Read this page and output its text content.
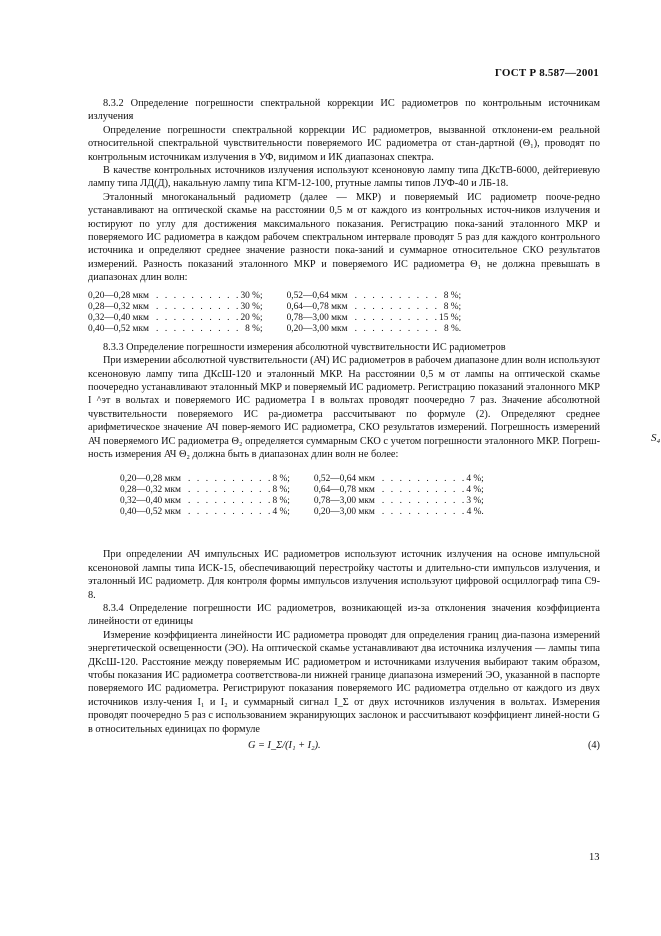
ГОСТ Р 8.587—2001

8.3.2 Определение погрешности спектральной коррекции ИС радиометров по контрольным источникам излучения

Определение погрешности спектральной коррекции ИС радиометров, вызванной отклонени-ем реальной относительной спектральной чувствительности поверяемого ИС радиометра от стан-дартной (Θ₁), проводят по контрольным источникам излучения в УФ, видимом и ИК диапазонах спектра.

В качестве контрольных источников излучения используют ксеноновую лампу типа ДКсТВ-6000, дейтериевую лампу типа ЛД(Д), накальную лампу типа КГМ-12-100, ртутные лампы типов ЛУФ-40 и ЛБ-18.

Эталонный многоканальный радиометр (далее — МКР) и поверяемый ИС радиометр пооче-редно устанавливают на оптической скамье на расстоянии 0,5 м от каждого из контрольных источ-ников излучения и юстируют по углу для достижения максимального показания. Регистрацию пока-заний эталонного МКР и поверяемого ИС радиометра в каждом рабочем спектральном интервале проводят 5 раз для каждого контрольного источника и определяют среднее значение разности пока-заний и суммарное относительное СКО результатов измерений. Разность показаний эталонного МКР и поверяемого ИС радиометра Θ₁ не должна превышать в диапазонах длин волн:

0,20—0,28 мкм	. . . . . . . . . .	30 %;		0,52—0,64 мкм	. . . . . . . . . .	8 %;
0,28—0,32 мкм	. . . . . . . . . .	30 %;		0,64—0,78 мкм	. . . . . . . . . .	8 %;
0,32—0,40 мкм	. . . . . . . . . .	20 %;		0,78—3,00 мкм	. . . . . . . . . .	15 %;
0,40—0,52 мкм	. . . . . . . . . .	8 %;		0,20—3,00 мкм	. . . . . . . . . .	8 %.

8.3.3 Определение погрешности измерения абсолютной чувствительности ИС радиометров

При измерении абсолютной чувствительности (АЧ) ИС радиометров в рабочем диапазоне длин волн используют ксеноновую лампу типа ДКсШ-120 и эталонный МКР. На расстоянии 0,5 м от лампы на оптической скамье поочередно устанавливают эталонный МКР и поверяемый ИС радиометр. Регистрацию показаний эталонного МКР I ^эт в вольтах и поверяемого ИС радиометра I в вольтах проводят поочередно 7 раз. Значение абсолютной чувствительности поверяемого ИС ра-диометра рассчитывают по формуле (2). Определяют среднее арифметическое значение АЧ повер-яемого ИС радиометра, СКО результатов измерений. Погрешность измерений АЧ поверяемого ИС радиометра Θ₂ определяется суммарным СКО с учетом погрешности эталонного МКР. Погреш-ность измерения АЧ Θ₂ должна быть в диапазонах длин волн не более:

0,20—0,28 мкм	. . . . . . . . . .	8 %;		0,52—0,64 мкм	. . . . . . . . . .	4 %;
0,28—0,32 мкм	. . . . . . . . . .	8 %;		0,64—0,78 мкм	. . . . . . . . . .	4 %;
0,32—0,40 мкм	. . . . . . . . . .	8 %;		0,78—3,00 мкм	. . . . . . . . . .	3 %;
0,40—0,52 мкм	. . . . . . . . . .	4 %;		0,20—3,00 мкм	. . . . . . . . . .	4 %.

При определении АЧ импульсных ИС радиометров используют источник излучения на основе импульсной ксеноновой лампы типа ИСК-15, обеспечивающий перестройку частоты и длительно-сти импульсов излучения, и эталонный ИС радиометр. Для контроля формы импульсов излучения используют цифровой осциллограф типа С9-8.

8.3.4 Определение погрешности ИС радиометров, возникающей из-за отклонения значения коэффициента линейности от единицы

Измерение коэффициента линейности ИС радиометра проводят для определения границ диа-пазона измерений энергетической освещенности (ЭО). На оптической скамье устанавливают два источника излучения — лампы типа ДКсШ-120. Расстояние между поверяемым ИС радиометром и источниками излучения выбирают таким образом, чтобы показания ИС радиометра соответствова-ли нижней границе диапазона измерений ЭО, указанной в паспорте поверяемого ИС радиометра. Регистрируют показания поверяемого ИС радиометра отдельно от каждого из двух источников излу-чения I₁ и I₂ и суммарный сигнал I_Σ от двух источников излучения в вольтах. Измерения проводят поочередно 5 раз с использованием экранирующих заслонок и рассчитывают коэффициент линей-ности G в относительных единицах по формуле

G = I_Σ/(I₁ + I₂).	(4)
S₄
13
